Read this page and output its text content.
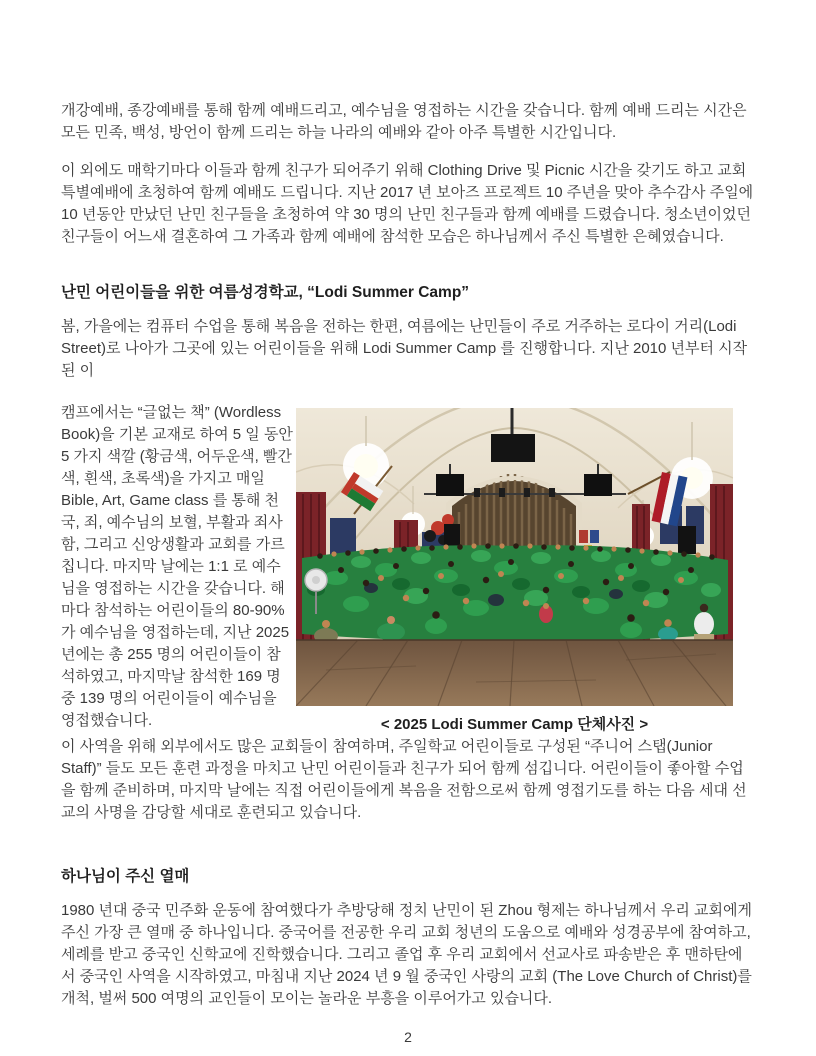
개강예배, 종강예배를 통해 함께 예배드리고, 예수님을 영접하는 시간을 갖습니다. 함께 예배 드리는 시간은 모든 민족, 백성, 방언이 함께 드리는 하늘 나라의 예배와 같아 아주 특별한 시간입니다.

이 외에도 매학기마다 이들과 함께 친구가 되어주기 위해 Clothing Drive 및 Picnic 시간을 갖기도 하고 교회 특별예배에 초청하여 함께 예배도 드립니다. 지난 2017 년 보아즈 프로젝트 10 주년을 맞아 추수감사 주일에 10 년동안 만났던 난민 친구들을 초청하여 약 30 명의 난민 친구들과 함께 예배를 드렸습니다. 청소년이었던 친구들이 어느새 결혼하여 그 가족과 함께 예배에 참석한 모습은 하나님께서 주신 특별한 은혜였습니다.

난민 어린이들을 위한 여름성경학교, “Lodi Summer Camp”

봄, 가을에는 컴퓨터 수업을 통해 복음을 전하는 한편, 여름에는 난민들이 주로 거주하는 로다이 거리(Lodi Street)로 나아가 그곳에 있는 어린이들을 위해 Lodi Summer Camp 를 진행합니다. 지난 2010 년부터 시작된 이

캠프에서는 “글없는 책” (Wordless Book)을 기본 교재로 하여 5 일 동안 5 가지 색깔 (황금색, 어두운색, 빨간색, 흰색, 초록색)을 가지고 매일 Bible, Art, Game class 를 통해 천국, 죄, 예수님의 보혈, 부활과 죄사함, 그리고 신앙생활과 교회를 가르칩니다. 마지막 날에는 1:1 로 예수님을 영접하는 시간을 갖습니다. 해마다 참석하는 어린이들의 80-90%가 예수님을 영접하는데, 지난 2025 년에는 총 255 명의 어린이들이 참석하였고, 마지막날 참석한 169 명 중 139 명의 어린이들이 예수님을 영접했습니다.	< 2025 Lodi Summer Camp 단체사진 >

이 사역을 위해 외부에서도 많은 교회들이 참여하며, 주일학교 어린이들로 구성된 “주니어 스탭(Junior Staff)” 들도 모든 훈련 과정을 마치고 난민 어린이들과 친구가 되어 함께 섬깁니다. 어린이들이 좋아할 수업을 함께 준비하며, 마지막 날에는 직접 어린이들에게 복음을 전함으로써 함께 영접기도를 하는 다음 세대 선교의 사명을 감당할 세대로 훈련되고 있습니다.

하나님이 주신 열매

1980 년대 중국 민주화 운동에 참여했다가 추방당해 정치 난민이 된 Zhou 형제는 하나님께서 우리 교회에게 주신 가장 큰 열매 중 하나입니다. 중국어를 전공한 우리 교회 청년의 도움으로 예배와 성경공부에 참여하고, 세례를 받고 중국인 신학교에 진학했습니다. 그리고 졸업 후 우리 교회에서 선교사로 파송받은 후 맨하탄에서 중국인 사역을 시작하였고, 마침내 지난 2024 년 9 월 중국인 사랑의 교회 (The Love Church of Christ)를 개척, 벌써 500 여명의 교인들이 모이는 놀라운 부흥을 이루어가고 있습니다.

2
